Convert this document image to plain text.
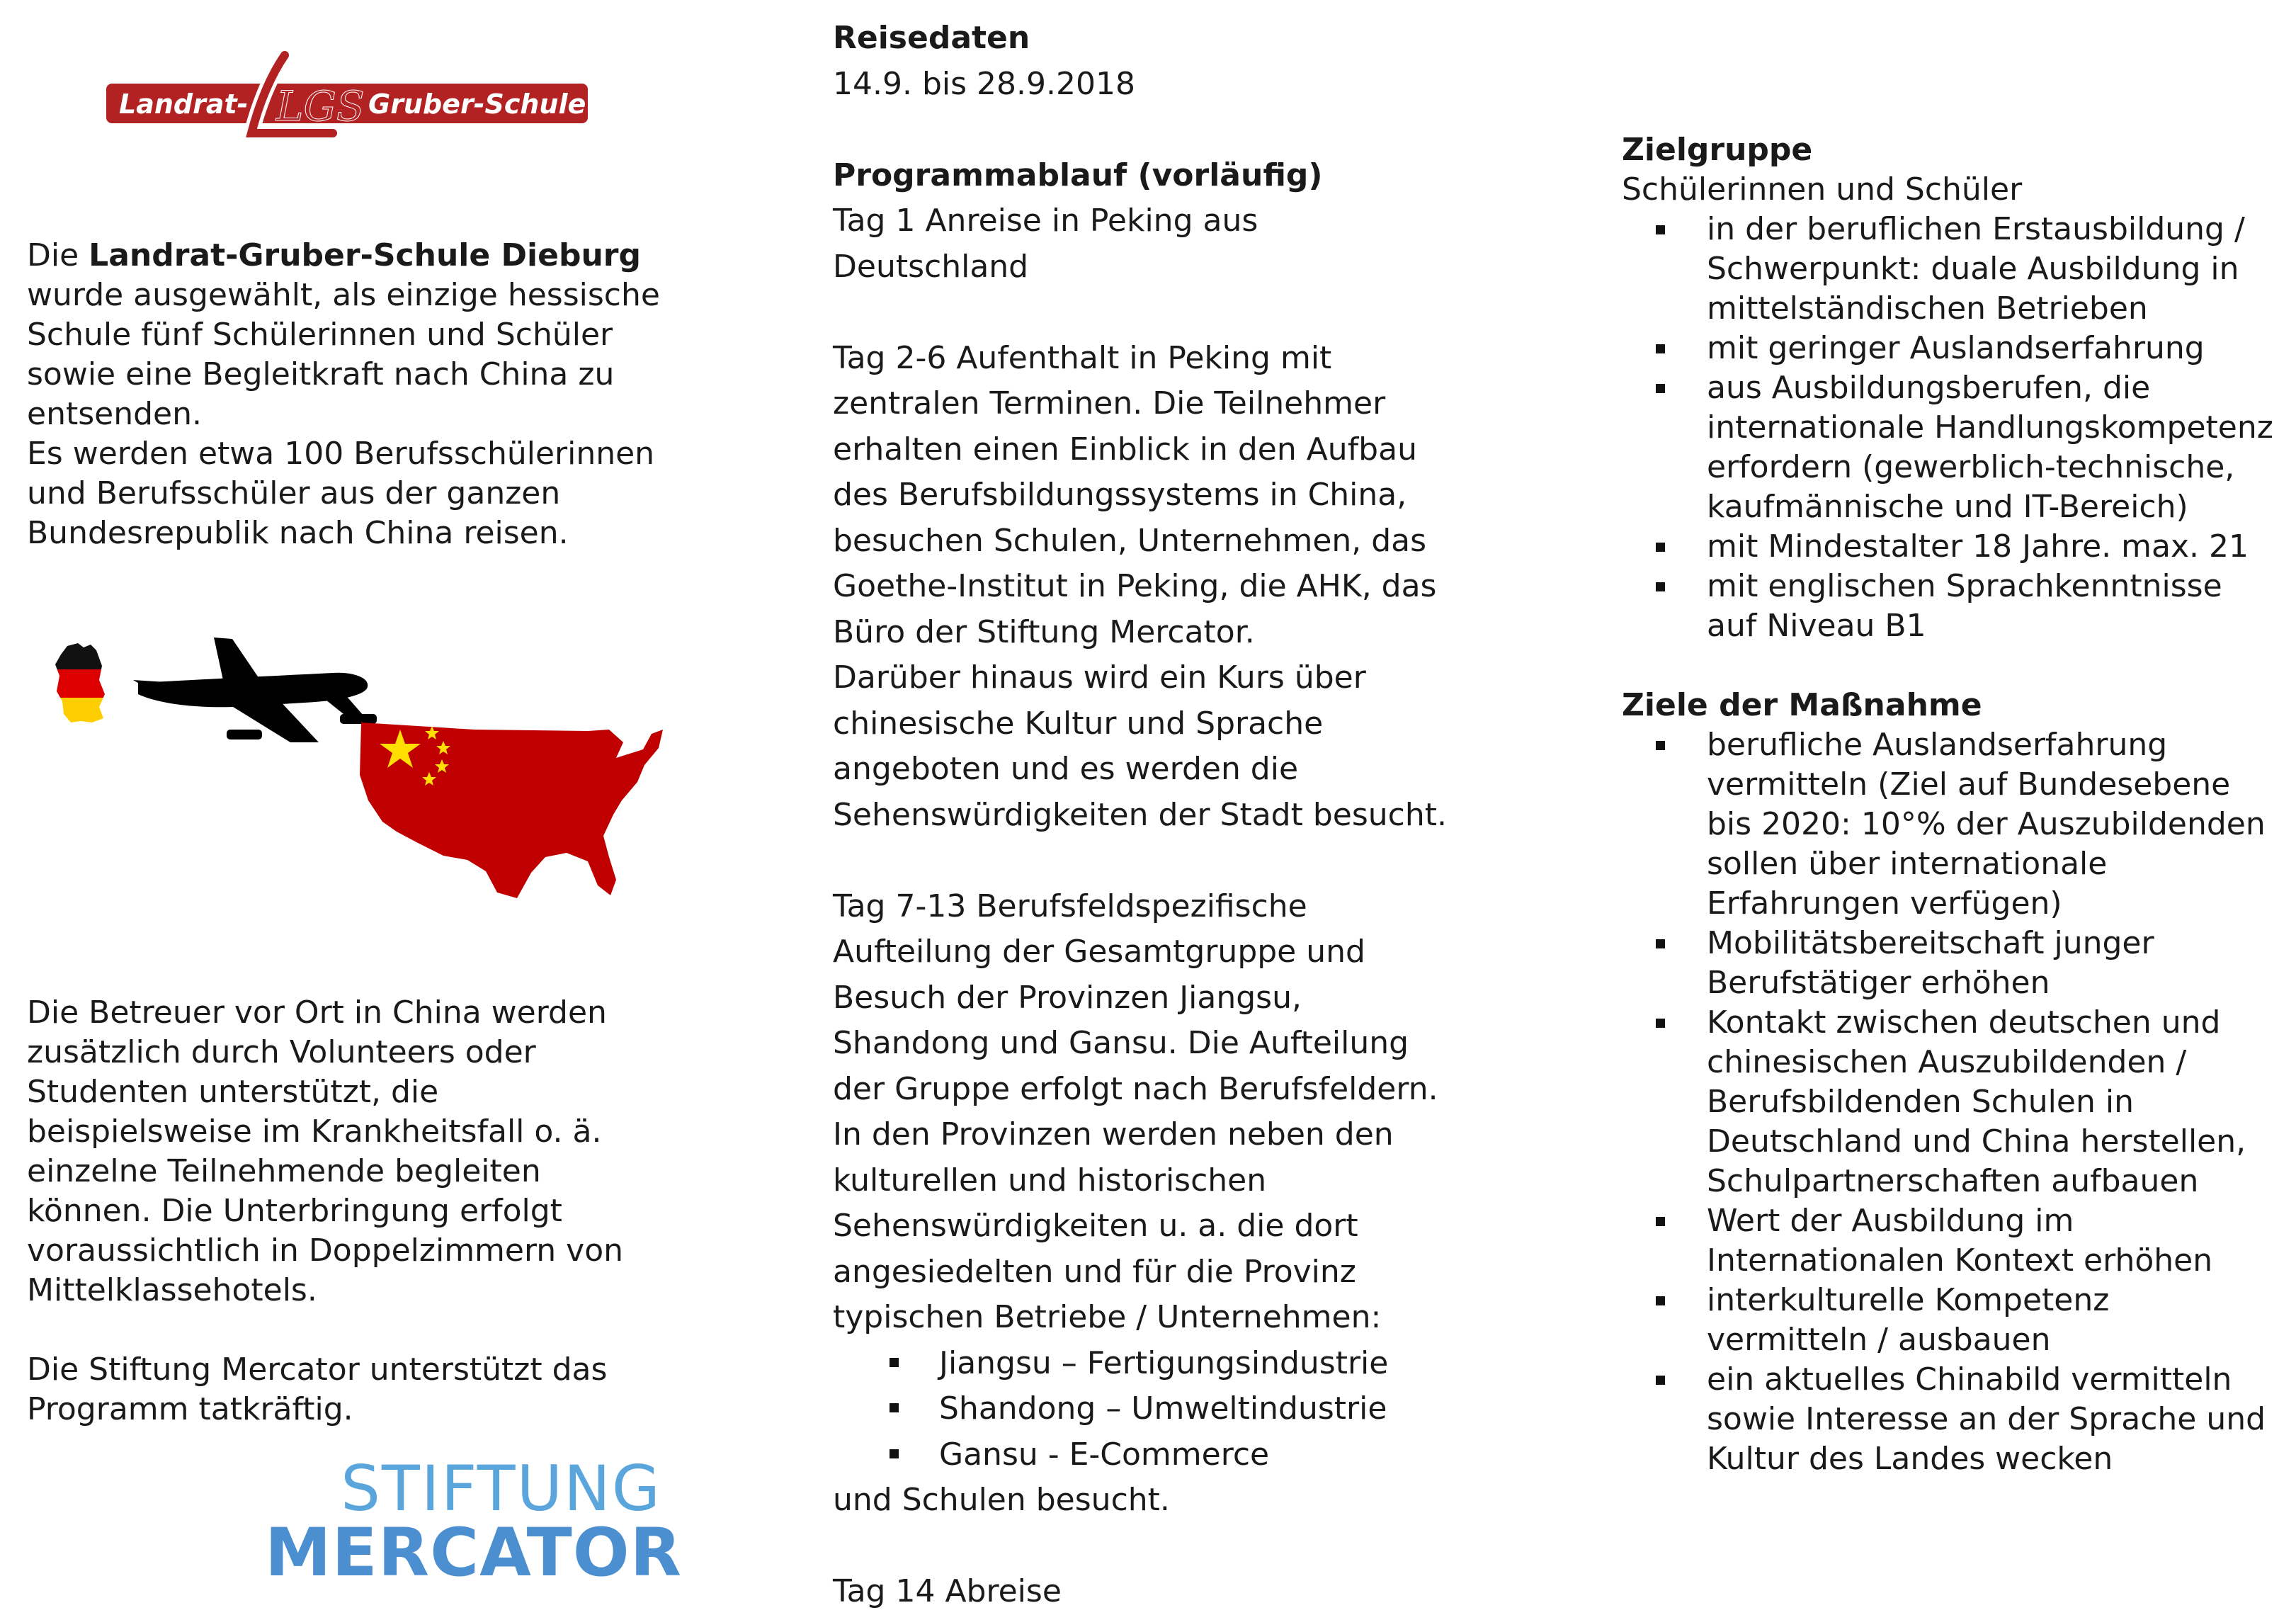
Landrat-	Gruber-Schule
LGS

Die Landrat-Gruber-Schule Dieburg wurde ausgewählt, als einzige hessische Schule fünf Schülerinnen und Schüler sowie eine Begleitkraft nach China zu entsenden.

Es werden etwa 100 Berufsschülerinnen und Berufsschüler aus der ganzen Bundesrepublik nach China reisen.

Die Betreuer vor Ort in China werden zusätzlich durch Volunteers oder Studenten unterstützt, die beispielsweise im Krankheitsfall o. ä. einzelne Teilnehmende begleiten können. Die Unterbringung erfolgt voraussichtlich in Doppelzimmern von Mittelklassehotels.

Die Stiftung Mercator unterstützt das Programm tatkräftig.

STIFTUNG
MERCATOR
Reisedaten

14.9. bis 28.9.2018

Programmablauf (vorläufig)

Tag 1 Anreise in Peking aus Deutschland

Tag 2-6 Aufenthalt in Peking mit zentralen Terminen. Die Teilnehmer erhalten einen Einblick in den Aufbau des Berufsbildungssystems in China, besuchen Schulen, Unternehmen, das Goethe-Institut in Peking, die AHK, das Büro der Stiftung Mercator.

Darüber hinaus wird ein Kurs über chinesische Kultur und Sprache angeboten und es werden die Sehenswürdigkeiten der Stadt besucht.

Tag 7-13 Berufsfeldspezifische Aufteilung der Gesamtgruppe und Besuch der Provinzen Jiangsu, Shandong und Gansu. Die Aufteilung der Gruppe erfolgt nach Berufsfeldern.

In den Provinzen werden neben den kulturellen und historischen Sehenswürdigkeiten u. a. die dort angesiedelten und für die Provinz typischen Betriebe / Unternehmen:

Jiangsu – Fertigungsindustrie
Shandong – Umweltindustrie
Gansu - E-Commerce

und Schulen besucht.

Tag 14 Abreise

Zielgruppe

Schülerinnen und Schüler

in der beruflichen Erstausbildung / Schwerpunkt: duale Ausbildung in mittelständischen Betrieben
mit geringer Auslandserfahrung
aus Ausbildungsberufen, die internationale Handlungskompetenz erfordern (gewerblich-technische, kaufmännische und IT-Bereich)
mit Mindestalter 18 Jahre. max. 21
mit englischen Sprachkenntnisse auf Niveau B1
Ziele der Maßnahme
berufliche Auslandserfahrung vermitteln (Ziel auf Bundesebene bis 2020: 10°% der Auszubildenden sollen über internationale Erfahrungen verfügen)
Mobilitätsbereitschaft junger Berufstätiger erhöhen
Kontakt zwischen deutschen und chinesischen Auszubildenden / Berufsbildenden Schulen in Deutschland und China herstellen, Schulpartnerschaften aufbauen
Wert der Ausbildung im Internationalen Kontext erhöhen
interkulturelle Kompetenz vermitteln / ausbauen
ein aktuelles Chinabild vermitteln sowie Interesse an der Sprache und Kultur des Landes wecken
